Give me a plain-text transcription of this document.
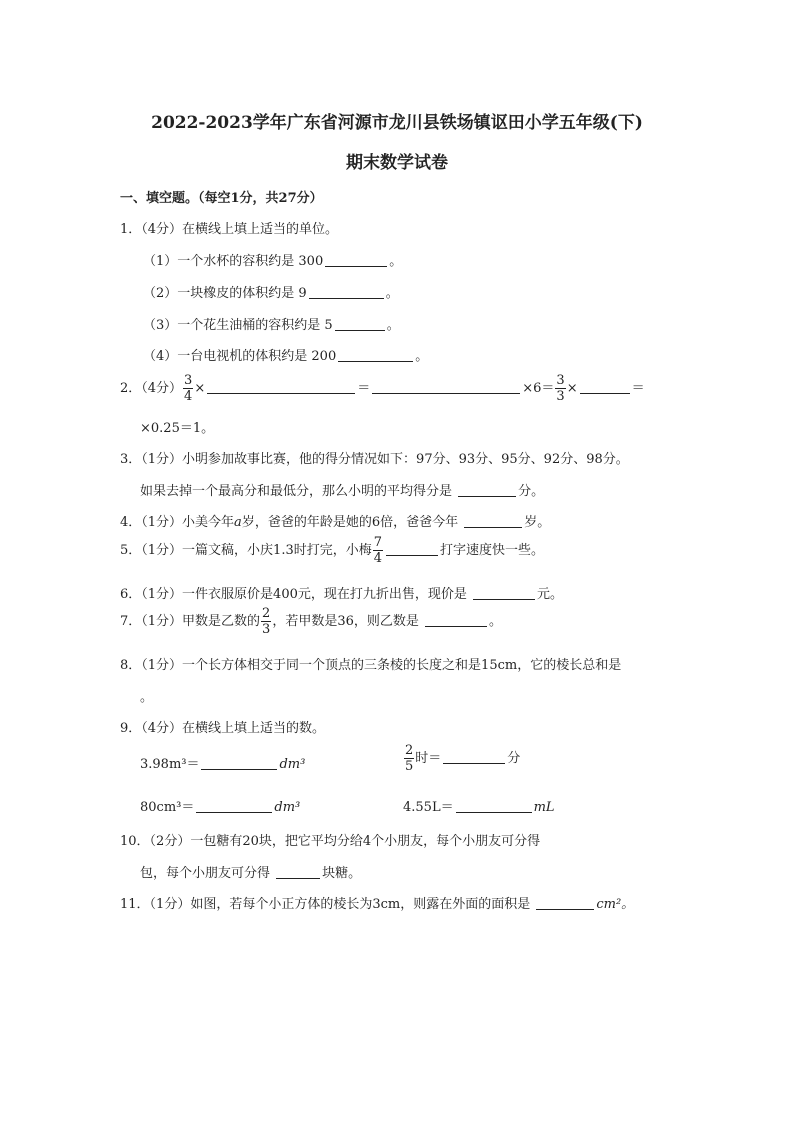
2022-2023学年广东省河源市龙川县铁场镇讴田小学五年级(下)
期末数学试卷
一、填空题。（每空1分，共27分）
1．（4分）在横线上填上适当的单位。
（1）一个水杯的容积约是 300	。
（2）一块橡皮的体积约是 9	。
（3）一个花生油桶的容积约是 5	。
（4）一台电视机的体积约是 200	。
2．（4分） $\frac{3}{4}$ ×	＝	$\times 6= \frac{3}{3}$ ×	＝
×0.25＝1。
3．（1分）小明参加故事比赛，他的得分情况如下：97分、93分、95分、92分、98分。
如果去掉一个最高分和最低分，那么小明的平均得分是	分。
4．（1分）小美今年a岁，爸爸的年龄是她的6倍，爸爸今年	岁。
5．（1分）一篇文稿，小庆1.3时打完，小梅 $\frac{7}{4}$	打字速度快一些。
6．（1分）一件衣服原价是400元，现在打九折出售，现价是	元。
7．（1分）甲数是乙数的 $\frac{2}{3}$ ，若甲数是36，则乙数是	。
8．（1分）一个长方体相交于同一个顶点的三条棱的长度之和是15cm，它的棱长总和是
。
9．（4分）在横线上填上适当的数。
3.98m³＝	dm³	$\frac{2}{5}$ 时＝	分
80cm³＝	dm³	4.55L＝	mL
10．（2分）一包糖有20块，把它平均分给4个小朋友，每个小朋友可分得
包，每个小朋友可分得	块糖。
11．（1分）如图，若每个小正方体的棱长为3cm，则露在外面的面积是	cm²。
